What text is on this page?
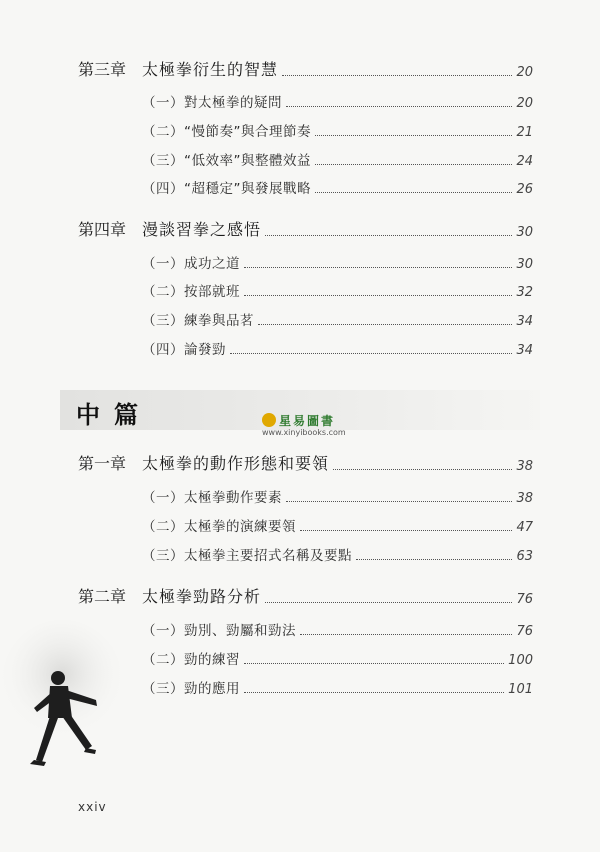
第三章 太極拳衍生的智慧	20
（一）對太極拳的疑問	20
（二）“慢節奏”與合理節奏	21
（三）“低效率”與整體效益	24
（四）“超穩定”與發展戰略	26
第四章 漫談習拳之感悟	30
（一）成功之道	30
（二）按部就班	32
（三）練拳與品茗	34
（四）論發勁	34
中篇	星易圖書
www.xinyibooks.com
第一章 太極拳的動作形態和要領	38
（一）太極拳動作要素	38
（二）太極拳的演練要領	47
（三）太極拳主要招式名稱及要點	63
第二章 太極拳勁路分析	76
（一）勁別、勁屬和勁法	76
（二）勁的練習	100
（三）勁的應用	101
xxiv
